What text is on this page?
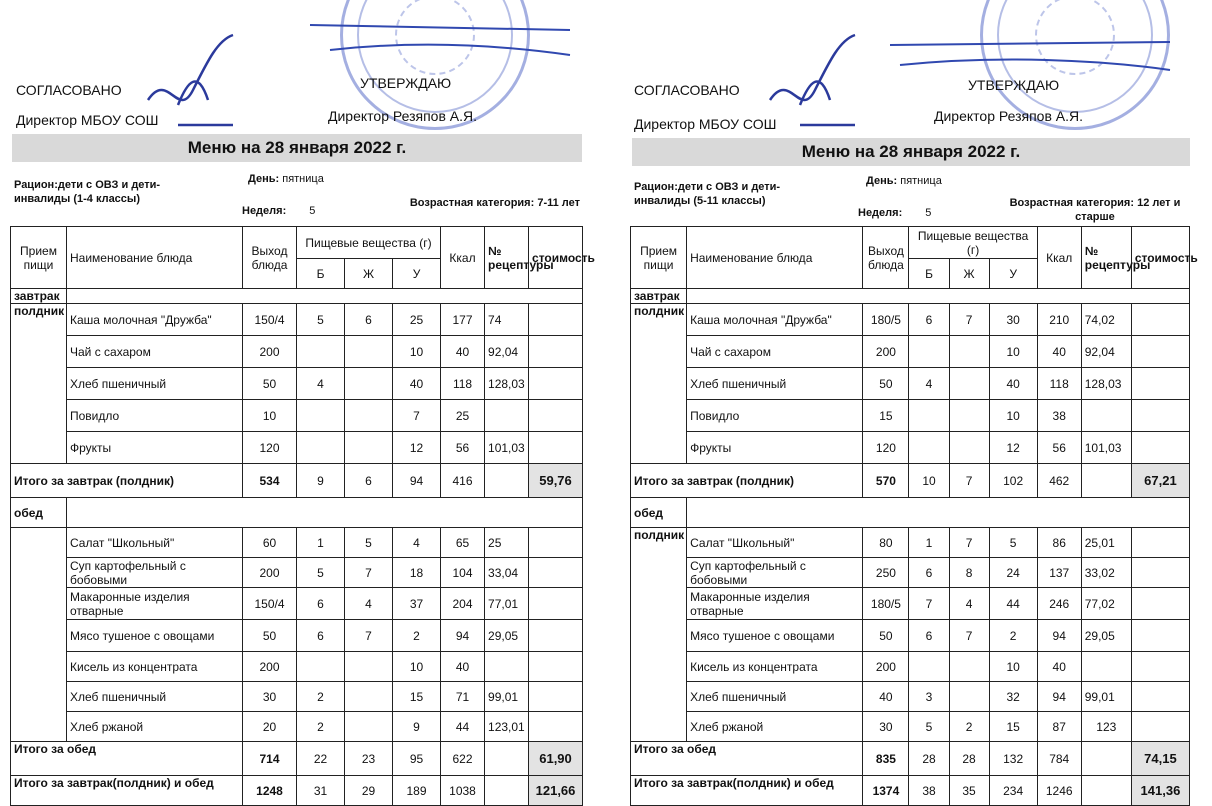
СОГЛАСОВАНО	УТВЕРЖДАЮ
Директор МБОУ СОШ	Директор Резяпов А.Я.
Меню на 28 января 2022 г.
Рацион:дети с ОВЗ и дети-инвалиды (1-4 классы)
День: пятница
Неделя: 5
Возрастная категория: 7-11 лет
Прием пищи	Наименование блюда	Выход блюда	Пищевые вещества (г)			Ккал	№ рецептуры	стоимость
			Б	Ж	У			
завтрак								
полдник	Каша молочная "Дружба"	150/4	5	6	25	177	74	
	Чай с сахаром	200			10	40	92,04	
	Хлеб пшеничный	50	4		40	118	128,03	
	Повидло	10			7	25		
	Фрукты	120			12	56	101,03	
Итого за завтрак (полдник)		534	9	6	94	416		59,76
обед								
	Салат "Школьный"	60	1	5	4	65	25	
	Суп картофельный с бобовыми	200	5	7	18	104	33,04	
	Макаронные изделия отварные	150/4	6	4	37	204	77,01	
	Мясо тушеное с овощами	50	6	7	2	94	29,05	
	Кисель из концентрата	200			10	40		
	Хлеб пшеничный	30	2		15	71	99,01	
	Хлеб ржаной	20	2		9	44	123,01	
Итого за обед		714	22	23	95	622		61,90
Итого за завтрак(полдник) и обед		1248	31	29	189	1038		121,66
СОГЛАСОВАНО	УТВЕРЖДАЮ
Директор МБОУ СОШ	Директор Резяпов А.Я.
Меню на 28 января 2022 г.
Рацион:дети с ОВЗ и дети-инвалиды (5-11 классы)
День: пятница
Неделя: 5
Возрастная категория: 12 лет и старше
Прием пищи	Наименование блюда	Выход блюда	Пищевые вещества (г)			Ккал	№ рецептуры	стоимость
			Б	Ж	У			
завтрак								
полдник	Каша молочная "Дружба"	180/5	6	7	30	210	74,02	
	Чай с сахаром	200			10	40	92,04	
	Хлеб пшеничный	50	4		40	118	128,03	
	Повидло	15			10	38		
	Фрукты	120			12	56	101,03	
Итого за завтрак (полдник)		570	10	7	102	462		67,21
обед								
полдник	Салат "Школьный"	80	1	7	5	86	25,01	
	Суп картофельный с бобовыми	250	6	8	24	137	33,02	
	Макаронные изделия отварные	180/5	7	4	44	246	77,02	
	Мясо тушеное с овощами	50	6	7	2	94	29,05	
	Кисель из концентрата	200			10	40		
	Хлеб пшеничный	40	3		32	94	99,01	
	Хлеб ржаной	30	5	2	15	87	123	
Итого за обед		835	28	28	132	784		74,15
Итого за завтрак(полдник) и обед		1374	38	35	234	1246		141,36
